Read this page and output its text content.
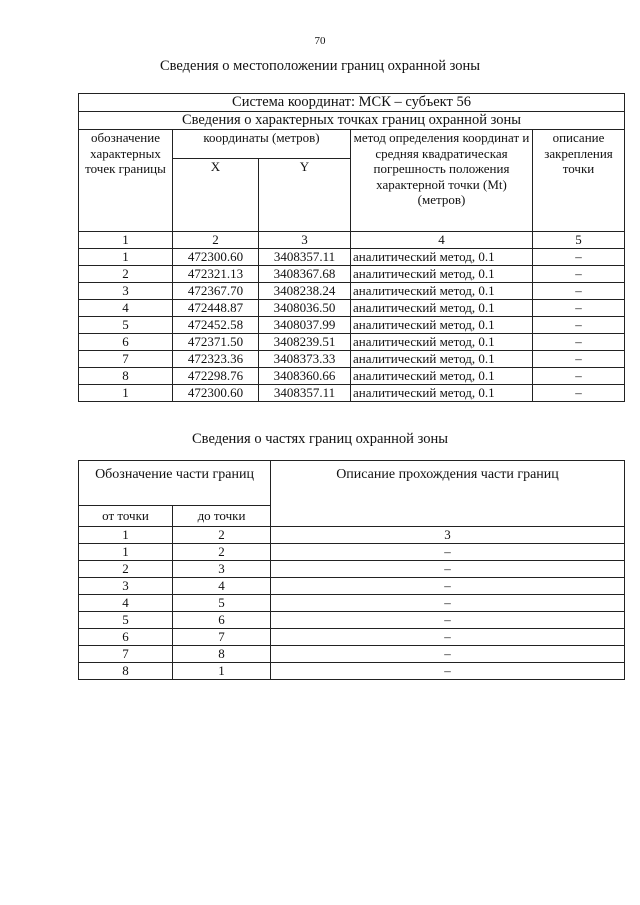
70
Сведения о местоположении границ охранной зоны
Система координат: МСК – субъект 56				
Сведения о характерных точках границ охранной зоны				
обозначение характерных точек границы	координаты (метров)		метод определения координат и средняя квадратическая погрешность положения характерной точки (Mt) (метров)	описание закрепления точки
	X	Y		
1	2	3	4	5
1	472300.60	3408357.11	аналитический метод, 0.1	–
2	472321.13	3408367.68	аналитический метод, 0.1	–
3	472367.70	3408238.24	аналитический метод, 0.1	–
4	472448.87	3408036.50	аналитический метод, 0.1	–
5	472452.58	3408037.99	аналитический метод, 0.1	–
6	472371.50	3408239.51	аналитический метод, 0.1	–
7	472323.36	3408373.33	аналитический метод, 0.1	–
8	472298.76	3408360.66	аналитический метод, 0.1	–
1	472300.60	3408357.11	аналитический метод, 0.1	–
Сведения о частях границ охранной зоны
Обозначение части границ		Описание прохождения части границ
от точки	до точки	
1	2	3
1	2	–
2	3	–
3	4	–
4	5	–
5	6	–
6	7	–
7	8	–
8	1	–
